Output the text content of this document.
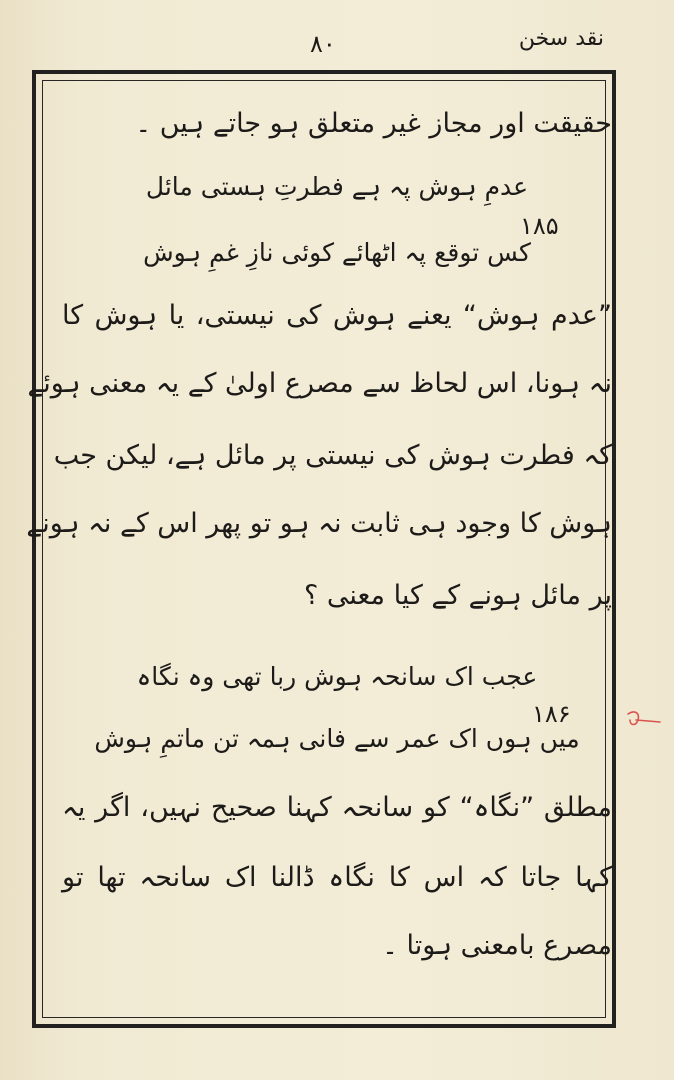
نقد سخن
٨٠
حقیقت اور مجاز غیر متعلق ہو جاتے ہیں ۔
عدمِ ہوش پہ ہے فطرتِ ہستی مائل
۱۸۵
کس توقع پہ اٹھائے کوئی نازِ غمِ ہوش
”عدم ہوش“ یعنے ہوش کی نیستی، یا ہوش کا
نہ ہونا، اس لحاظ سے مصرع اولیٰ کے یہ معنی ہوئے
کہ فطرت ہوش کی نیستی پر مائل ہے، لیکن جب
ہوش کا وجود ہی ثابت نہ ہو تو پھر اس کے نہ ہونے
پر مائل ہونے کے کیا معنی ؟
عجب اک سانحہ ہوش ربا تھی وہ نگاہ
۱۸۶
میں ہوں اک عمر سے فانی ہمہ تن ماتمِ ہوش
مطلق ”نگاہ“ کو سانحہ کہنا صحیح نہیں، اگر یہ
کہا جاتا کہ اس کا نگاہ ڈالنا اک سانحہ تھا تو
مصرع بامعنی ہوتا ۔
